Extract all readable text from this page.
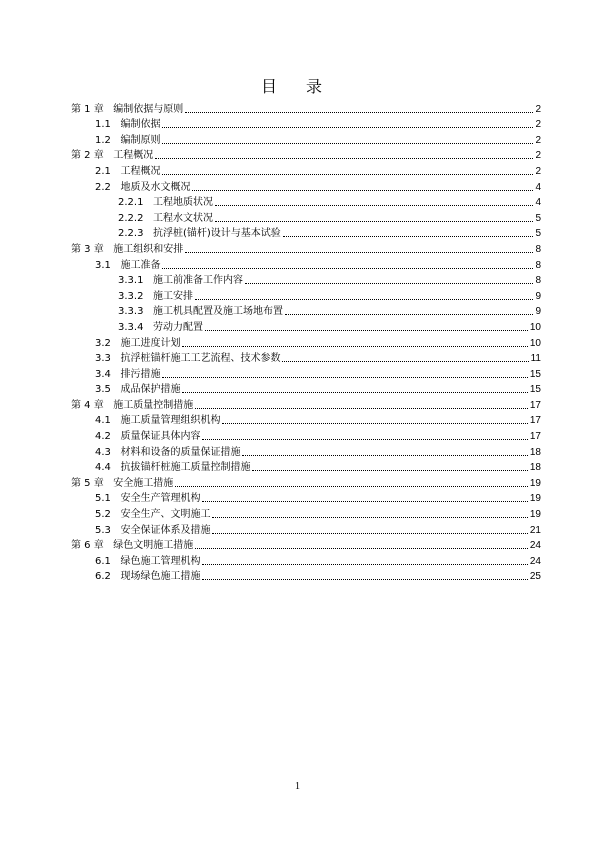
目 录
第 1 章   编制依据与原则	2
1.1   编制依据	2
1.2   编制原则	2
第 2 章   工程概况	2
2.1   工程概况	2
2.2   地质及水文概况	4
2.2.1   工程地质状况	4
2.2.2   工程水文状况	5
2.2.3   抗浮桩(锚杆)设计与基本试验	5
第 3 章   施工组织和安排	8
3.1   施工准备	8
3.3.1   施工前准备工作内容	8
3.3.2   施工安排	9
3.3.3   施工机具配置及施工场地布置	9
3.3.4   劳动力配置	10
3.2   施工进度计划	10
3.3   抗浮桩锚杆施工工艺流程、技术参数	11
3.4   排污措施	15
3.5   成品保护措施	15
第 4 章   施工质量控制措施	17
4.1   施工质量管理组织机构	17
4.2   质量保证具体内容	17
4.3   材料和设备的质量保证措施	18
4.4   抗拔锚杆桩施工质量控制措施	18
第 5 章   安全施工措施	19
5.1   安全生产管理机构	19
5.2   安全生产、文明施工	19
5.3   安全保证体系及措施	21
第 6 章   绿色文明施工措施	24
6.1   绿色施工管理机构	24
6.2   现场绿色施工措施	25
1
